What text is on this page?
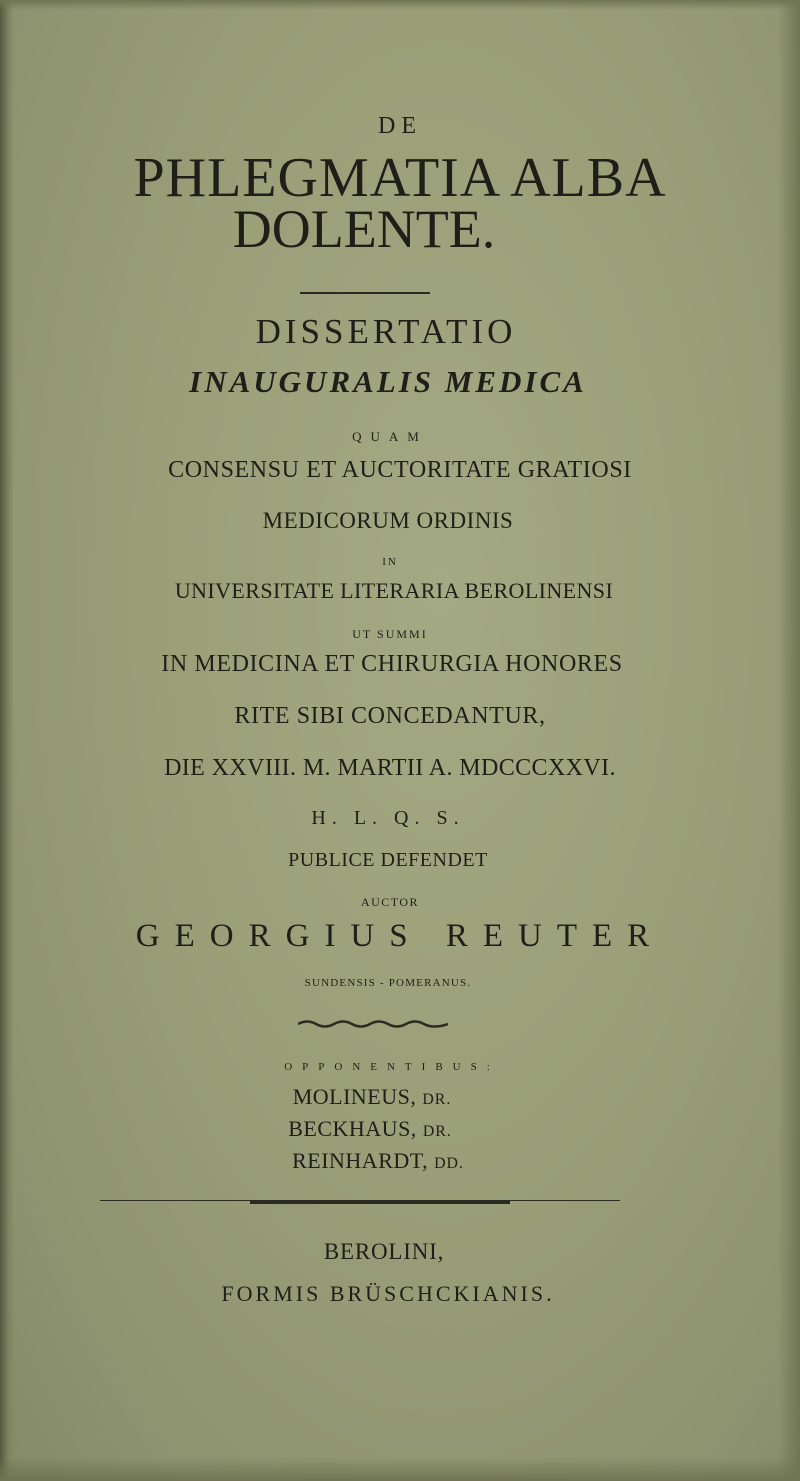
DE
PHLEGMATIA ALBA
DOLENTE.
DISSERTATIO
INAUGURALIS MEDICA
QUAM
CONSENSU ET AUCTORITATE GRATIOSI
MEDICORUM ORDINIS
IN
UNIVERSITATE LITERARIA BEROLINENSI
UT SUMMI
IN MEDICINA ET CHIRURGIA HONORES
RITE SIBI CONCEDANTUR,
DIE XXVIII. M. MARTII A. MDCCCXXVI.
H. L. Q. S.
PUBLICE DEFENDET
AUCTOR
GEORGIUS REUTER
SUNDENSIS - POMERANUS.
OPPONENTIBUS:
MOLINEUS, DR.
BECKHAUS, DR.
REINHARDT, DD.
BEROLINI,
FORMIS BRÜSCHCKIANIS.
